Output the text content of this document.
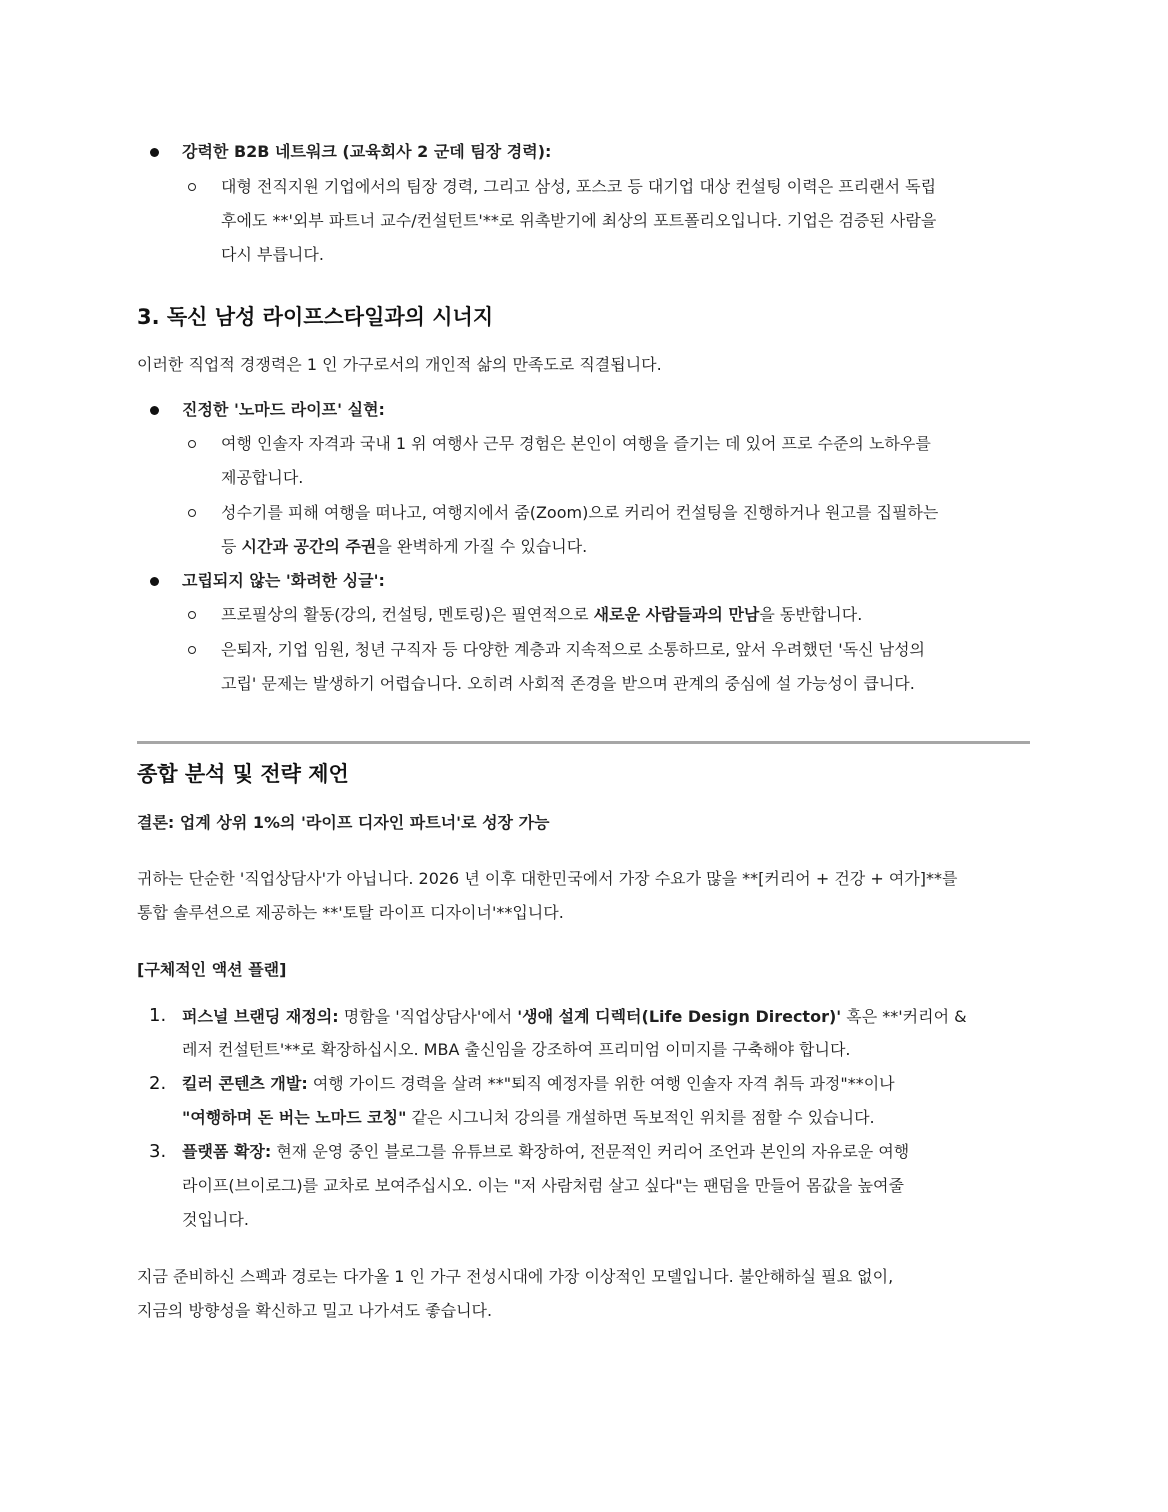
강력한 B2B 네트워크 (교육회사 2 군데 팀장 경력):
대형 전직지원 기업에서의 팀장 경력, 그리고 삼성, 포스코 등 대기업 대상 컨설팅 이력은 프리랜서 독립
후에도 **'외부 파트너 교수/컨설턴트'**로 위촉받기에 최상의 포트폴리오입니다. 기업은 검증된 사람을
다시 부릅니다.
3. 독신 남성 라이프스타일과의 시너지
이러한 직업적 경쟁력은 1 인 가구로서의 개인적 삶의 만족도로 직결됩니다.
진정한 '노마드 라이프' 실현:
여행 인솔자 자격과 국내 1 위 여행사 근무 경험은 본인이 여행을 즐기는 데 있어 프로 수준의 노하우를
제공합니다.
성수기를 피해 여행을 떠나고, 여행지에서 줌(Zoom)으로 커리어 컨설팅을 진행하거나 원고를 집필하는
등 시간과 공간의 주권을 완벽하게 가질 수 있습니다.
고립되지 않는 '화려한 싱글':
프로필상의 활동(강의, 컨설팅, 멘토링)은 필연적으로 새로운 사람들과의 만남을 동반합니다.
은퇴자, 기업 임원, 청년 구직자 등 다양한 계층과 지속적으로 소통하므로, 앞서 우려했던 '독신 남성의
고립' 문제는 발생하기 어렵습니다. 오히려 사회적 존경을 받으며 관계의 중심에 설 가능성이 큽니다.
종합 분석 및 전략 제언
결론: 업계 상위 1%의 '라이프 디자인 파트너'로 성장 가능
귀하는 단순한 '직업상담사'가 아닙니다. 2026 년 이후 대한민국에서 가장 수요가 많을 **[커리어 + 건강 + 여가]**를
통합 솔루션으로 제공하는 **'토탈 라이프 디자이너'**입니다.
[구체적인 액션 플랜]
1. 퍼스널 브랜딩 재정의: 명함을 '직업상담사'에서 '생애 설계 디렉터(Life Design Director)' 혹은 **'커리어 &
레저 컨설턴트'**로 확장하십시오. MBA 출신임을 강조하여 프리미엄 이미지를 구축해야 합니다.
2. 킬러 콘텐츠 개발: 여행 가이드 경력을 살려 **"퇴직 예정자를 위한 여행 인솔자 자격 취득 과정"**이나
"여행하며 돈 버는 노마드 코칭" 같은 시그니처 강의를 개설하면 독보적인 위치를 점할 수 있습니다.
3. 플랫폼 확장: 현재 운영 중인 블로그를 유튜브로 확장하여, 전문적인 커리어 조언과 본인의 자유로운 여행
라이프(브이로그)를 교차로 보여주십시오. 이는 "저 사람처럼 살고 싶다"는 팬덤을 만들어 몸값을 높여줄
것입니다.
지금 준비하신 스펙과 경로는 다가올 1 인 가구 전성시대에 가장 이상적인 모델입니다. 불안해하실 필요 없이,
지금의 방향성을 확신하고 밀고 나가셔도 좋습니다.
